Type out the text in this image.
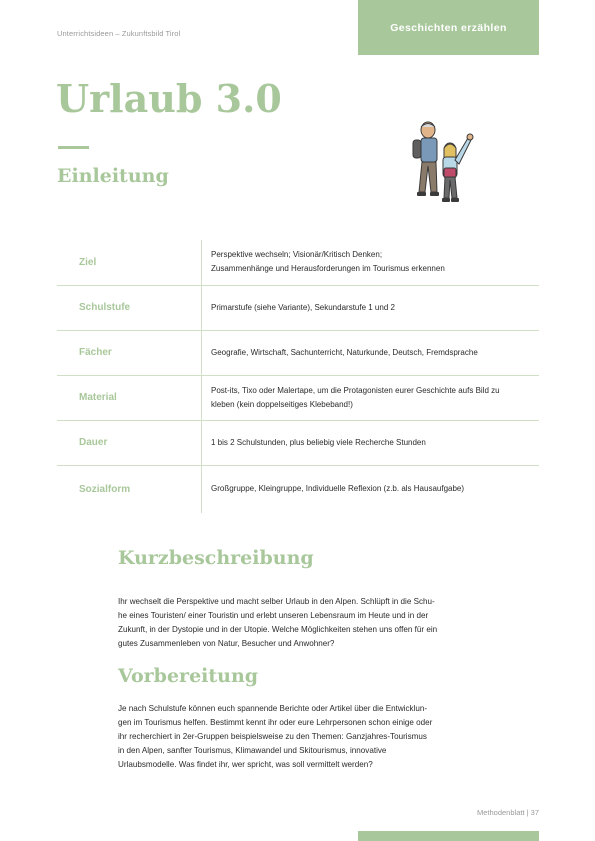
Unterrichtsideen – Zukunftsbild Tirol	Geschichten erzählen
Urlaub 3.0
Einleitung
Ziel	Perspektive wechseln; Visionär/Kritisch Denken;
Zusammenhänge und Herausforderungen im Tourismus erkennen
Schulstufe	Primarstufe (siehe Variante), Sekundarstufe 1 und 2
Fächer	Geografie, Wirtschaft, Sachunterricht, Naturkunde, Deutsch, Fremdsprache
Material	Post-its, Tixo oder Malertape, um die Protagonisten eurer Geschichte aufs Bild zu
kleben (kein doppelseitiges Klebeband!)
Dauer	1 bis 2 Schulstunden, plus beliebig viele Recherche Stunden
Sozialform	Großgruppe, Kleingruppe, Individuelle Reflexion (z.b. als Hausaufgabe)
Kurzbeschreibung
Ihr wechselt die Perspektive und macht selber Urlaub in den Alpen. Schlüpft in die Schu-
he eines Touristen/ einer Touristin und erlebt unseren Lebensraum im Heute und in der
Zukunft, in der Dystopie und in der Utopie. Welche Möglichkeiten stehen uns offen für ein
gutes Zusammenleben von Natur, Besucher und Anwohner?
Vorbereitung
Je nach Schulstufe können euch spannende Berichte oder Artikel über die Entwicklun-
gen im Tourismus helfen. Bestimmt kennt ihr oder eure Lehrpersonen schon einige oder
ihr recherchiert in 2er-Gruppen beispielsweise zu den Themen: Ganzjahres-Tourismus
in den Alpen, sanfter Tourismus, Klimawandel und Skitourismus, innovative
Urlaubsmodelle. Was findet ihr, wer spricht, was soll vermittelt werden?
Methodenblatt | 37
